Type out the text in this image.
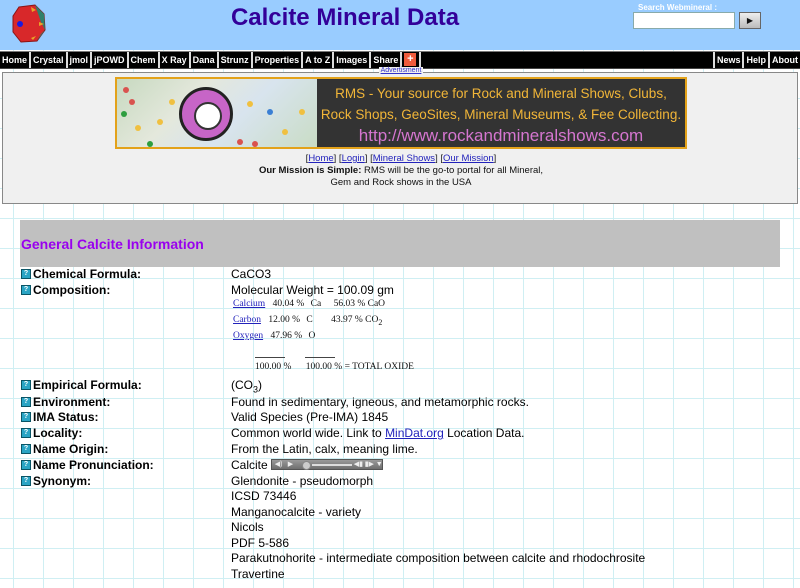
Calcite Mineral Data	Search Webmineral :
▶
Home Crystal jmol jPOWD Chem X Ray Dana Strunz Properties A to Z Images Share +	News Help About
Advertisment
RMS - Your source for Rock and Mineral Shows, Clubs,
Rock Shops, GeoSites, Mineral Museums, & Fee Collecting.
http://www.rockandmineralshows.com
[Home] [Login] [Mineral Shows] [Our Mission]
Our Mission is Simple: RMS will be the go-to portal for all Mineral,
Gem and Rock shows in the USA
General Calcite Information
? Chemical Formula:	CaCO3
? Composition:	Molecular Weight = 100.09 gm
Calcium 40.04 % Ca 56.03 % CaO
Carbon 12.00 % C 43.97 % $CO_2$
Oxygen 47.96 % O
100.00 % 100.00 % = TOTAL OXIDE
? Empirical Formula:	$(CO_3)$
? Environment:	Found in sedimentary, igneous, and metamorphic rocks.
? IMA Status:	Valid Species (Pre-IMA) 1845
? Locality:	Common world wide. Link to MinDat.org Location Data.
? Name Origin:	From the Latin, calx, meaning lime.
? Name Pronunciation:	Calcite ◀) ▶	◀▮ ▮▶ ▼
? Synonym:	Glendonite - pseudomorph
ICSD 73446
Manganocalcite - variety
Nicols
PDF 5-586
Parakutnohorite - intermediate composition between calcite and rhodochrosite
Travertine
